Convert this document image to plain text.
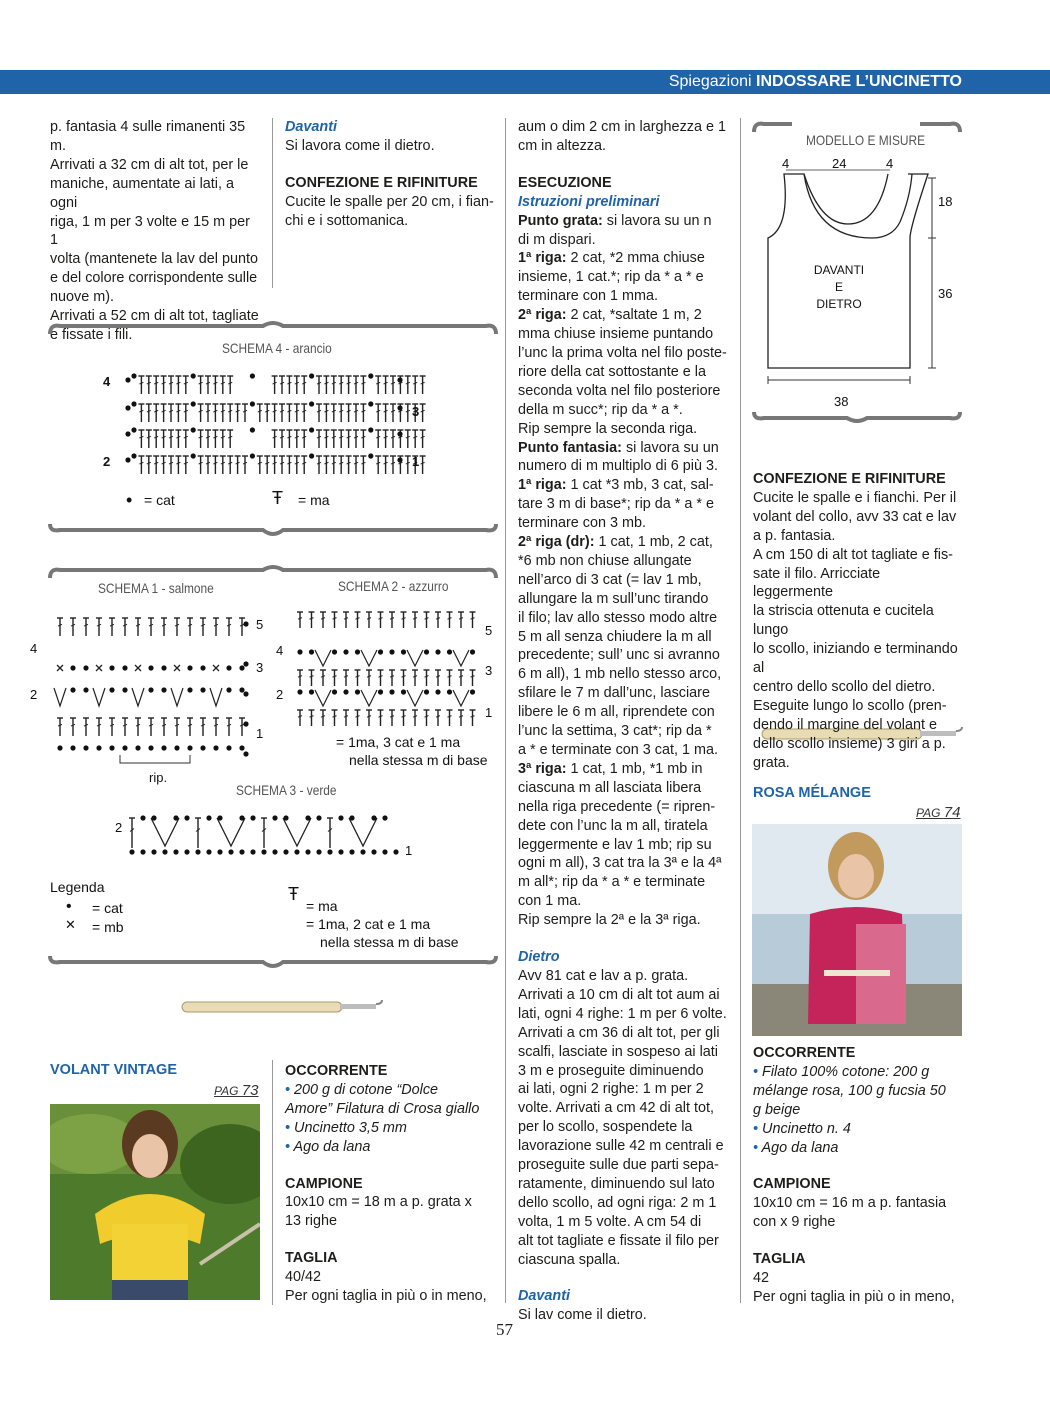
Spiegazioni INDOSSARE L’UNCINETTO

p. fantasia 4 sulle rimanenti 35 m.

Arrivati a 32 cm di alt tot, per le

maniche, aumentate ai lati, a ogni

riga, 1 m per 3 volte e 15 m per 1

volta (mantenete la lav del punto

e del colore corrispondente sulle

nuove m).

Arrivati a 52 cm di alt tot, tagliate

e fissate i fili.

Davanti

Si lavora come il dietro.

CONFEZIONE E RIFINITURE

Cucite le spalle per 20 cm, i fian-

chi e i sottomanica.

SCHEMA 4 - arancio
4
2
3
1
• = cat	Ŧ = ma
SCHEMA 1 - salmone	SCHEMA 2 - azzurro
4
2
5
3
1
rip.
4
2
5
3
1
= 1ma, 3 cat e 1 ma
nella stessa m di base
SCHEMA 3 - verde
2
1
Legenda
• = cat
✕ = mb
Ŧ
= ma
= 1ma, 2 cat e 1 ma
nella stessa m di base
VOLANT VINTAGE
PAG 73

OCCORRENTE

• 200 g di cotone “Dolce

Amore” Filatura di Crosa giallo

• Uncinetto 3,5 mm

• Ago da lana

CAMPIONE

10x10 cm = 18 m a p. grata x

13 righe

TAGLIA

40/42

Per ogni taglia in più o in meno,

aum o dim 2 cm in larghezza e 1

cm in altezza.

ESECUZIONE

Istruzioni preliminari

Punto grata: si lavora su un n

di m dispari.

1ª riga: 2 cat, *2 mma chiuse

insieme, 1 cat.*; rip da * a * e

terminare con 1 mma.

2ª riga: 2 cat, *saltate 1 m, 2

mma chiuse insieme puntando

l’unc la prima volta nel filo poste-

riore della cat sottostante e la

seconda volta nel filo posteriore

della m succ*; rip da * a *.

Rip sempre la seconda riga.

Punto fantasia: si lavora su un

numero di m multiplo di 6 più 3.

1ª riga: 1 cat *3 mb, 3 cat, sal-

tare 3 m di base*; rip da * a * e

terminare con 3 mb.

2ª riga (dr): 1 cat, 1 mb, 2 cat,

*6 mb non chiuse allungate

nell’arco di 3 cat (= lav 1 mb,

allungare la m sull’unc tirando

il filo; lav allo stesso modo altre

5 m all senza chiudere la m all

precedente; sull’ unc si avranno

6 m all), 1 mb nello stesso arco,

sfilare le 7 m dall’unc, lasciare

libere le 6 m all, riprendete con

l’unc la settima, 3 cat*; rip da *

a * e terminate con 3 cat, 1 ma.

3ª riga: 1 cat, 1 mb, *1 mb in

ciascuna m all lasciata libera

nella riga precedente (= ripren-

dete con l’unc la m all, tiratela

leggermente e lav 1 mb; rip su

ogni m all), 3 cat tra la 3ª e la 4ª

m all*; rip da * a * e terminate

con 1 ma.

Rip sempre la 2ª e la 3ª riga.

Dietro

Avv 81 cat e lav a p. grata.

Arrivati a 10 cm di alt tot aum ai

lati, ogni 4 righe: 1 m per 6 volte.

Arrivati a cm 36 di alt tot, per gli

scalfi, lasciate in sospeso ai lati

3 m e proseguite diminuendo

ai lati, ogni 2 righe: 1 m per 2

volte. Arrivati a cm 42 di alt tot,

per lo scollo, sospendete la

lavorazione sulle 42 m centrali e

proseguite sulle due parti sepa-

ratamente, diminuendo sul lato

dello scollo, ad ogni riga: 2 m 1

volta, 1 m 5 volte. A cm 54 di

alt tot tagliate e fissate il filo per

ciascuna spalla.

Davanti

Si lav come il dietro.

MODELLO E MISURE
4	24	4
18
36
38
DAVANTI
E
DIETRO

CONFEZIONE E RIFINITURE

Cucite le spalle e i fianchi. Per il

volant del collo, avv 33 cat e lav

a p. fantasia.

A cm 150 di alt tot tagliate e fis-

sate il filo. Arricciate leggermente

la striscia ottenuta e cucitela lungo

lo scollo, iniziando e terminando al

centro dello scollo del dietro.

Eseguite lungo lo scollo (pren-

dendo il margine del volant e

dello scollo insieme) 3 giri a p.

grata.

ROSA MÉLANGE
PAG 74

OCCORRENTE

• Filato 100% cotone: 200 g

mélange rosa, 100 g fucsia 50

g beige

• Uncinetto n. 4

• Ago da lana

CAMPIONE

10x10 cm = 16 m a p. fantasia

con x 9 righe

TAGLIA

42

Per ogni taglia in più o in meno,

57
